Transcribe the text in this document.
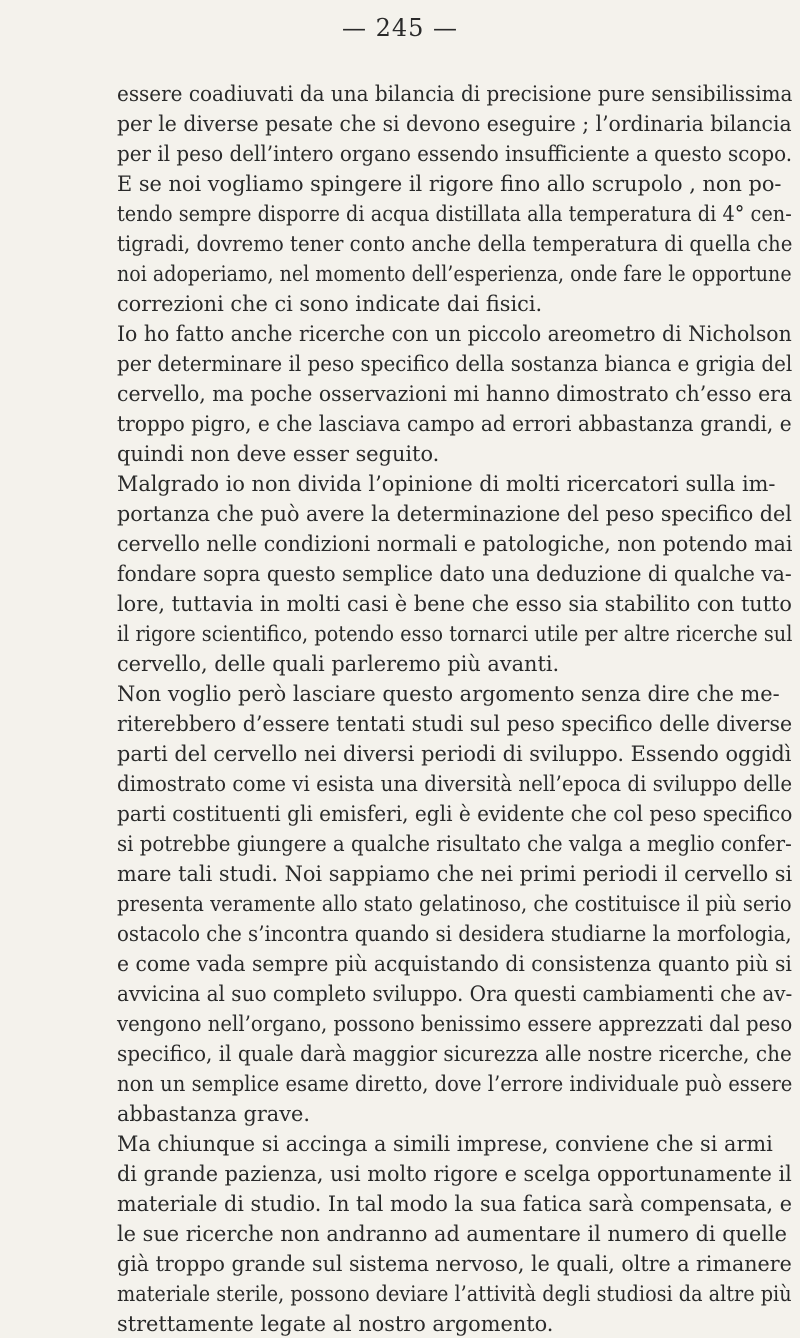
— 245 —
essere coadiuvati da una bilancia di precisione pure sensibilissima
per le diverse pesate che si devono eseguire ; l’ordinaria bilancia
per il peso dell’intero organo essendo insufficiente a questo scopo.
E se noi vogliamo spingere il rigore fino allo scrupolo , non po-
tendo sempre disporre di acqua distillata alla temperatura di 4° cen-
tigradi, dovremo tener conto anche della temperatura di quella che
noi adoperiamo, nel momento dell’esperienza, onde fare le opportune
correzioni che ci sono indicate dai fisici.
Io ho fatto anche ricerche con un piccolo areometro di Nicholson
per determinare il peso specifico della sostanza bianca e grigia del
cervello, ma poche osservazioni mi hanno dimostrato ch’esso era
troppo pigro, e che lasciava campo ad errori abbastanza grandi, e
quindi non deve esser seguito.
Malgrado io non divida l’opinione di molti ricercatori sulla im-
portanza che può avere la determinazione del peso specifico del
cervello nelle condizioni normali e patologiche, non potendo mai
fondare sopra questo semplice dato una deduzione di qualche va-
lore, tuttavia in molti casi è bene che esso sia stabilito con tutto
il rigore scientifico, potendo esso tornarci utile per altre ricerche sul
cervello, delle quali parleremo più avanti.
Non voglio però lasciare questo argomento senza dire che me-
riterebbero d’essere tentati studi sul peso specifico delle diverse
parti del cervello nei diversi periodi di sviluppo. Essendo oggidì
dimostrato come vi esista una diversità nell’epoca di sviluppo delle
parti costituenti gli emisferi, egli è evidente che col peso specifico
si potrebbe giungere a qualche risultato che valga a meglio confer-
mare tali studi. Noi sappiamo che nei primi periodi il cervello si
presenta veramente allo stato gelatinoso, che costituisce il più serio
ostacolo che s’incontra quando si desidera studiarne la morfologia,
e come vada sempre più acquistando di consistenza quanto più si
avvicina al suo completo sviluppo. Ora questi cambiamenti che av-
vengono nell’organo, possono benissimo essere apprezzati dal peso
specifico, il quale darà maggior sicurezza alle nostre ricerche, che
non un semplice esame diretto, dove l’errore individuale può essere
abbastanza grave.
Ma chiunque si accinga a simili imprese, conviene che si armi
di grande pazienza, usi molto rigore e scelga opportunamente il
materiale di studio. In tal modo la sua fatica sarà compensata, e
le sue ricerche non andranno ad aumentare il numero di quelle
già troppo grande sul sistema nervoso, le quali, oltre a rimanere
materiale sterile, possono deviare l’attività degli studiosi da altre più
strettamente legate al nostro argomento.
